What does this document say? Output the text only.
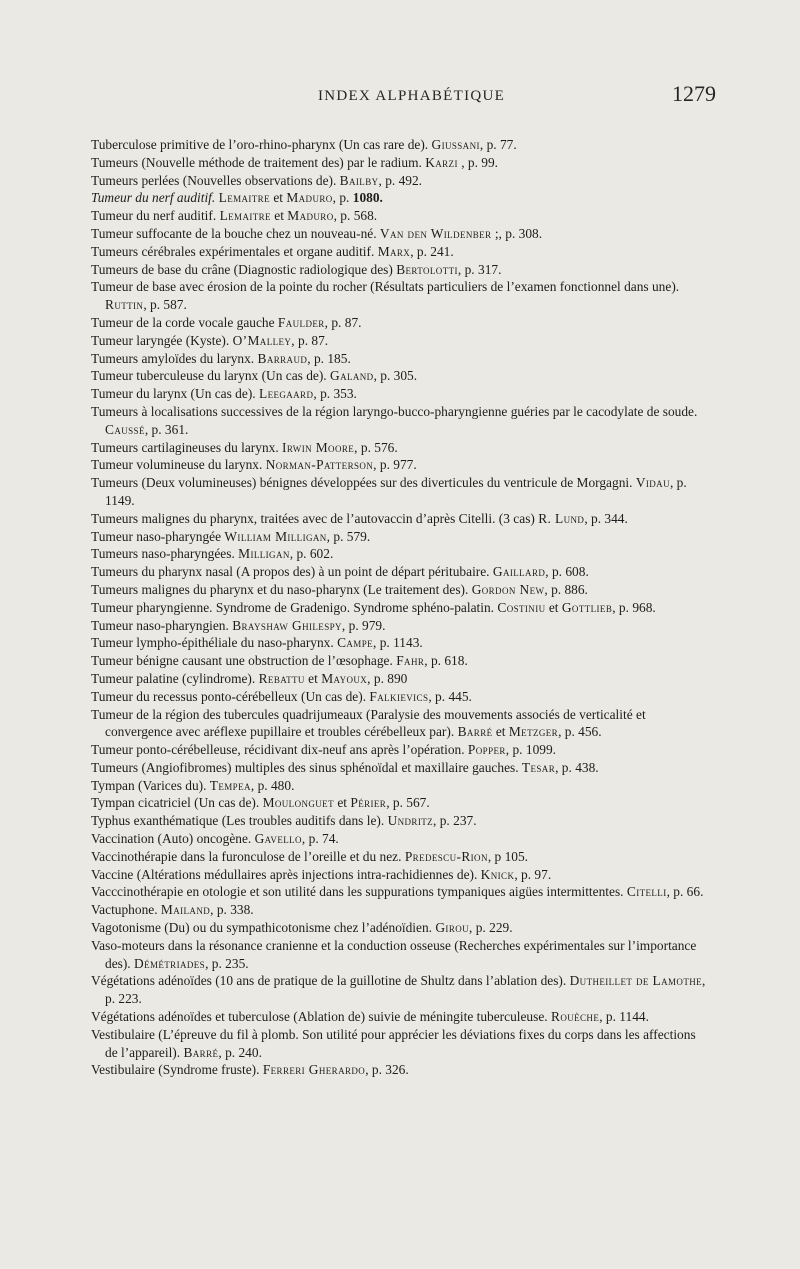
INDEX ALPHABÉTIQUE	1279
Tuberculose primitive de l’oro-rhino-pharynx (Un cas rare de). Giussani, p. 77.
Tumeurs (Nouvelle méthode de traitement des) par le radium. Karzi , p. 99.
Tumeurs perlées (Nouvelles observations de). Bailby, p. 492.
Tumeur du nerf auditif. Lemaitre et Maduro, p. 1080.
Tumeur du nerf auditif. Lemaitre et Maduro, p. 568.
Tumeur suffocante de la bouche chez un nouveau-né. Van den Wildenber ;, p. 308.
Tumeurs cérébrales expérimentales et organe auditif. Marx, p. 241.
Tumeurs de base du crâne (Diagnostic radiologique des) Bertolotti, p. 317.
Tumeur de base avec érosion de la pointe du rocher (Résultats particuliers de l’examen fonctionnel dans une). Ruttin, p. 587.
Tumeur de la corde vocale gauche Faulder, p. 87.
Tumeur laryngée (Kyste). O’Malley, p. 87.
Tumeurs amyloïdes du larynx. Barraud, p. 185.
Tumeur tuberculeuse du larynx (Un cas de). Galand, p. 305.
Tumeur du larynx (Un cas de). Leegaard, p. 353.
Tumeurs à localisations successives de la région laryngo-bucco-pharyngienne guéries par le cacodylate de soude. Caussé, p. 361.
Tumeurs cartilagineuses du larynx. Irwin Moore, p. 576.
Tumeur volumineuse du larynx. Norman-Patterson, p. 977.
Tumeurs (Deux volumineuses) bénignes développées sur des diverticules du ventricule de Morgagni. Vidau, p. 1149.
Tumeurs malignes du pharynx, traitées avec de l’autovaccin d’après Citelli. (3 cas) R. Lund, p. 344.
Tumeur naso-pharyngée William Milligan, p. 579.
Tumeurs naso-pharyngées. Milligan, p. 602.
Tumeurs du pharynx nasal (A propos des) à un point de départ péritubaire. Gaillard, p. 608.
Tumeurs malignes du pharynx et du naso-pharynx (Le traitement des). Gordon New, p. 886.
Tumeur pharyngienne. Syndrome de Gradenigo. Syndrome sphéno-palatin. Costiniu et Gottlieb, p. 968.
Tumeur naso-pharyngien. Brayshaw Ghilespy, p. 979.
Tumeur lympho-épithéliale du naso-pharynx. Campe, p. 1143.
Tumeur bénigne causant une obstruction de l’œsophage. Fahr, p. 618.
Tumeur palatine (cylindrome). Rebattu et Mayoux, p. 890
Tumeur du recessus ponto-cérébelleux (Un cas de). Falkievics, p. 445.
Tumeur de la région des tubercules quadrijumeaux (Paralysie des mouvements associés de verticalité et convergence avec aréflexe pupillaire et troubles cérébelleux par). Barré et Metzger, p. 456.
Tumeur ponto-cérébelleuse, récidivant dix-neuf ans après l’opération. Popper, p. 1099.
Tumeurs (Angiofibromes) multiples des sinus sphénoïdal et maxillaire gauches. Tesar, p. 438.
Tympan (Varices du). Tempea, p. 480.
Tympan cicatriciel (Un cas de). Moulonguet et Périer, p. 567.
Typhus exanthématique (Les troubles auditifs dans le). Undritz, p. 237.
Vaccination (Auto) oncogène. Gavello, p. 74.
Vaccinothérapie dans la furonculose de l’oreille et du nez. Predescu-Rion, p 105.
Vaccine (Altérations médullaires après injections intra-rachidiennes de). Knick, p. 97.
Vacccinothérapie en otologie et son utilité dans les suppurations tympaniques aigües intermittentes. Citelli, p. 66.
Vactuphone. Mailand, p. 338.
Vagotonisme (Du) ou du sympathicotonisme chez l’adénoïdien. Girou, p. 229.
Vaso-moteurs dans la résonance cranienne et la conduction osseuse (Recherches expérimentales sur l’importance des). Démétriades, p. 235.
Végétations adénoïdes (10 ans de pratique de la guillotine de Shultz dans l’ablation des). Dutheillet de Lamothe, p. 223.
Végétations adénoïdes et tuberculose (Ablation de) suivie de méningite tuberculeuse. Rouèche, p. 1144.
Vestibulaire (L’épreuve du fil à plomb. Son utilité pour apprécier les déviations fixes du corps dans les affections de l’appareil). Barré, p. 240.
Vestibulaire (Syndrome fruste). Ferreri Gherardo, p. 326.
